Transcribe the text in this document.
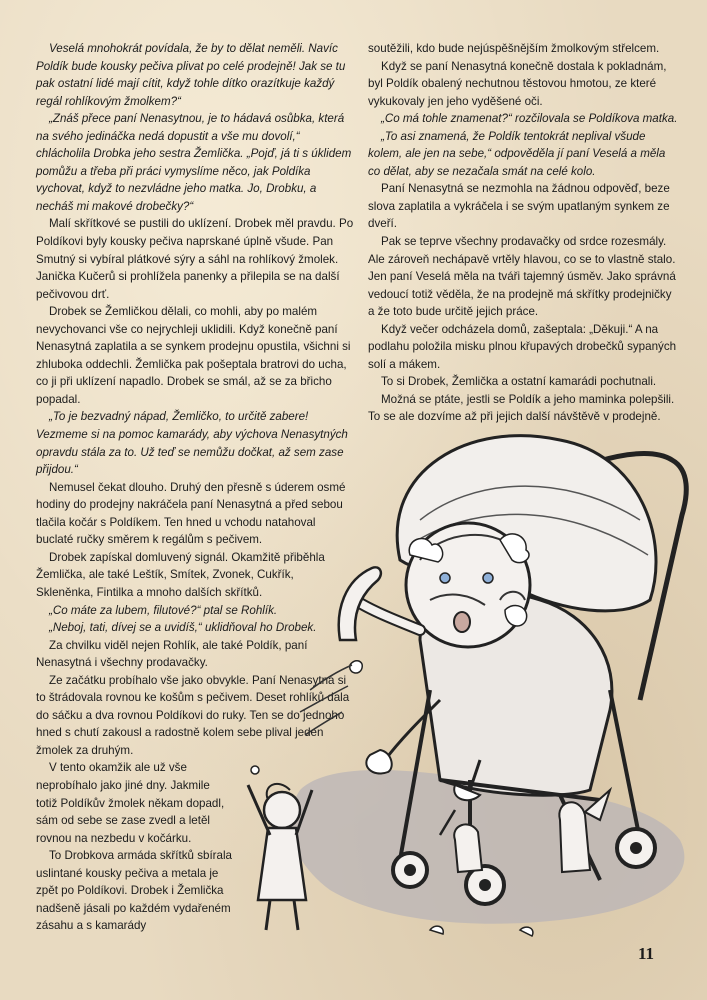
Veselá mnohokrát povídala, že by to dělat neměli. Navíc Poldík bude kousky pečiva plivat po celé prodejně! Jak se tu pak ostatní lidé mají cítit, když tohle dítko orazítkuje každý regál rohlíkovým žmolkem?“

„Znáš přece paní Nenasytnou, je to hádavá osůbka, která na svého jedináčka nedá dopustit a vše mu dovolí,“ chlácholila Drobka jeho sestra Žemlička. „Pojď, já ti s úklidem pomůžu a třeba při práci vymyslíme něco, jak Poldíka vychovat, když to nezvládne jeho matka. Jo, Drobku, a necháš mi makové drobečky?“

Malí skřítkové se pustili do uklízení. Drobek měl pravdu. Po Poldíkovi byly kousky pečiva naprskané úplně všude. Pan Smutný si vybíral plátkové sýry a sáhl na rohlíkový žmolek. Janička Kučerů si prohlížela panenky a přilepila se na další pečivovou drť.

Drobek se Žemličkou dělali, co mohli, aby po malém nevychovanci vše co nejrychleji uklidili. Když konečně paní Nenasytná zaplatila a se synkem prodejnu opustila, všichni si zhluboka oddechli. Žemlička pak pošeptala bratrovi do ucha, co ji při uklízení napadlo. Drobek se smál, až se za břicho popadal.

„To je bezvadný nápad, Žemličko, to určitě zabere! Vezmeme si na pomoc kamarády, aby výchova Nenasytných opravdu stála za to. Už teď se nemůžu dočkat, až sem zase přijdou.“

Nemusel čekat dlouho. Druhý den přesně s úderem osmé hodiny do prodejny nakráčela paní Nenasytná a před sebou tlačila kočár s Poldíkem. Ten hned u vchodu natahoval buclaté ručky směrem k regálům s pečivem.

Drobek zapískal domluvený signál. Okamžitě přiběhla Žemlička, ale také Leštík, Smítek, Zvonek, Cukřík, Skleněnka, Fintilka a mnoho dalších skřítků.

„Co máte za lubem, filutové?“ ptal se Rohlík.

„Neboj, tati, dívej se a uvidíš,“ uklidňoval ho Drobek.

Za chvilku viděl nejen Rohlík, ale také Poldík, paní Nenasytná i všechny prodavačky.

Ze začátku probíhalo vše jako obvykle. Paní Nenasytná si to štrádovala rovnou ke košům s pečivem. Deset rohlíků dala do sáčku a dva rovnou Poldíkovi do ruky. Ten se do jednoho hned s chutí zakousl a radostně kolem sebe plival jeden žmolek za druhým.

V tento okamžik ale už vše neprobíhalo jako jiné dny. Jakmile totiž Poldíkův žmolek někam dopadl, sám od sebe se zase zvedl a letěl rovnou na nezbedu v kočárku.

To Drobkova armáda skřítků sbírala uslintané kousky pečiva a metala je zpět po Poldíkovi. Drobek i Žemlička nadšeně jásali po každém vydařeném zásahu a s kamarády

soutěžili, kdo bude nejúspěšnějším žmolkovým střelcem.

Když se paní Nenasytná konečně dostala k pokladnám, byl Poldík obalený nechutnou těstovou hmotou, ze které vykukovaly jen jeho vyděšené oči.

„Co má tohle znamenat?“ rozčilovala se Poldíkova matka.

„To asi znamená, že Poldík tentokrát neplival všude kolem, ale jen na sebe,“ odpověděla jí paní Veselá a měla co dělat, aby se nezačala smát na celé kolo.

Paní Nenasytná se nezmohla na žádnou odpověď, beze slova zaplatila a vykráčela i se svým upatlaným synkem ze dveří.

Pak se teprve všechny prodavačky od srdce rozesmály. Ale zároveň nechápavě vrtěly hlavou, co se to vlastně stalo. Jen paní Veselá měla na tváři tajemný úsměv. Jako správná vedoucí totiž věděla, že na prodejně má skřítky prodejničky a že toto bude určitě jejich práce.

Když večer odcházela domů, zašeptala: „Děkuji.“ A na podlahu položila misku plnou křupavých drobečků sypaných solí a mákem.

To si Drobek, Žemlička a ostatní kamarádi pochutnali.

Možná se ptáte, jestli se Poldík a jeho maminka polepšili. To se ale dozvíme až při jejich další návštěvě v prodejně.

11
